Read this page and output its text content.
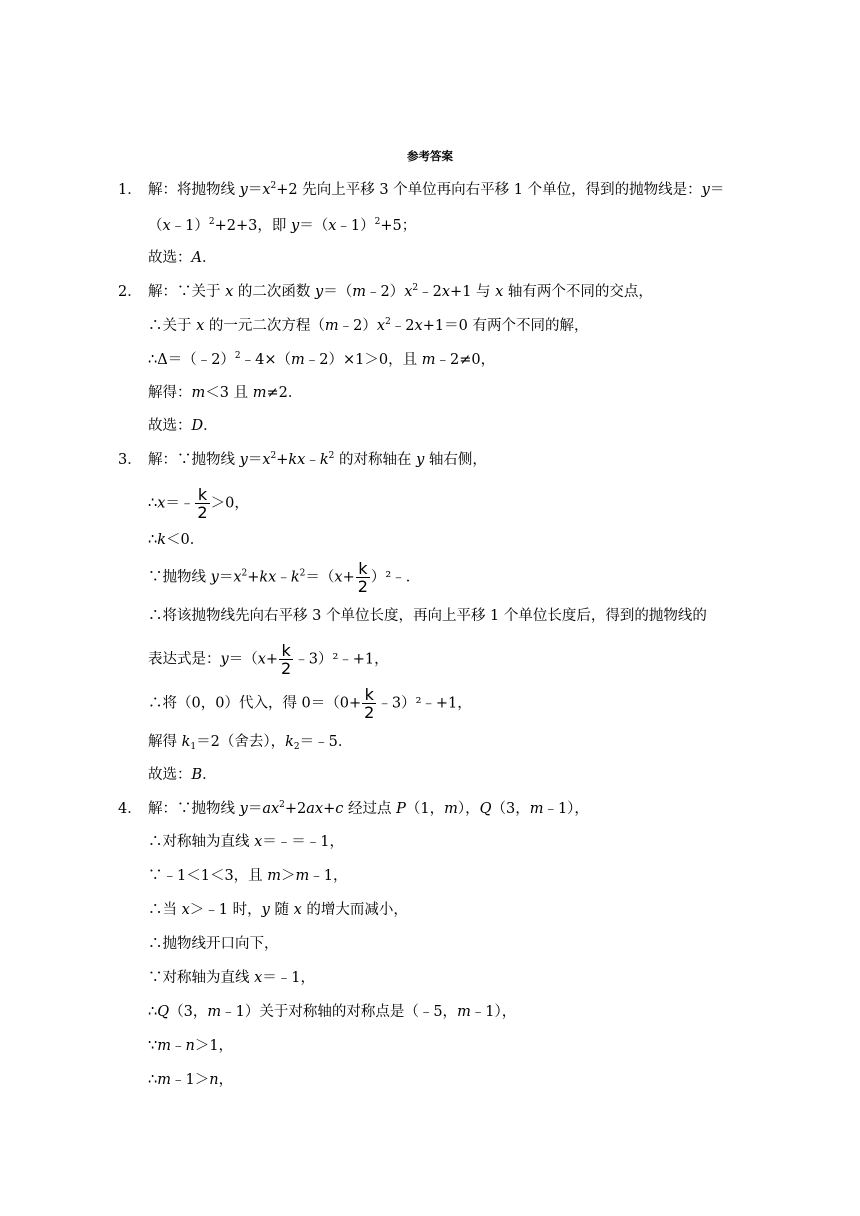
参考答案
1． 解：将抛物线 $y=x^2+2$ 先向上平移 3 个单位再向右平移 1 个单位，得到的抛物线是：y＝
（x﹣1）$^2$+2+3，即 y＝（x﹣1）$^2$+5；
故选：A．
2． 解：∵关于 x 的二次函数 $y=(m﹣2)x^2﹣2x+1$ 与 x 轴有两个不同的交点，
∴关于 x 的一元二次方程$(m﹣2)x^2﹣2x+1=0$ 有两个不同的解，
∴Δ＝（﹣2）$^2$﹣4×（m﹣2）×1＞0，且 m﹣2≠0，
解得：m＜3 且 m≠2．
故选：D．
3． 解：∵抛物线 $y=x^2+kx﹣k^2$ 的对称轴在 y 轴右侧，
∴x＝﹣ $\frac{k}{2} >0$，
∴k＜0．
∵抛物线 $y=x^2+kx﹣k^2=(x+ \frac{k}{2}$ ）²﹣．
∴将该抛物线先向右平移 3 个单位长度，再向上平移 1 个单位长度后，得到的抛物线的
表达式是：$y=(x+ \frac{k}{2}$ ﹣3）²﹣+1，
∴将（0，0）代入，得 $0=(0+ \frac{k}{2}$ ﹣3）²﹣+1，
解得 $k_1=2$（舍去），$k_2=﹣5$．
故选：B．
4． 解：∵抛物线 $y=ax^2+2ax+c$ 经过点 P（1，m），Q（3，m﹣1），
∴对称轴为直线 x＝﹣＝﹣1，
∵﹣1＜1＜3，且 m＞m﹣1，
∴当 x＞﹣1 时，y 随 x 的增大而减小，
∴抛物线开口向下，
∵对称轴为直线 x＝﹣1，
∴Q（3，m﹣1）关于对称轴的对称点是（﹣5，m﹣1），
∵m﹣n＞1，
∴m﹣1＞n，
